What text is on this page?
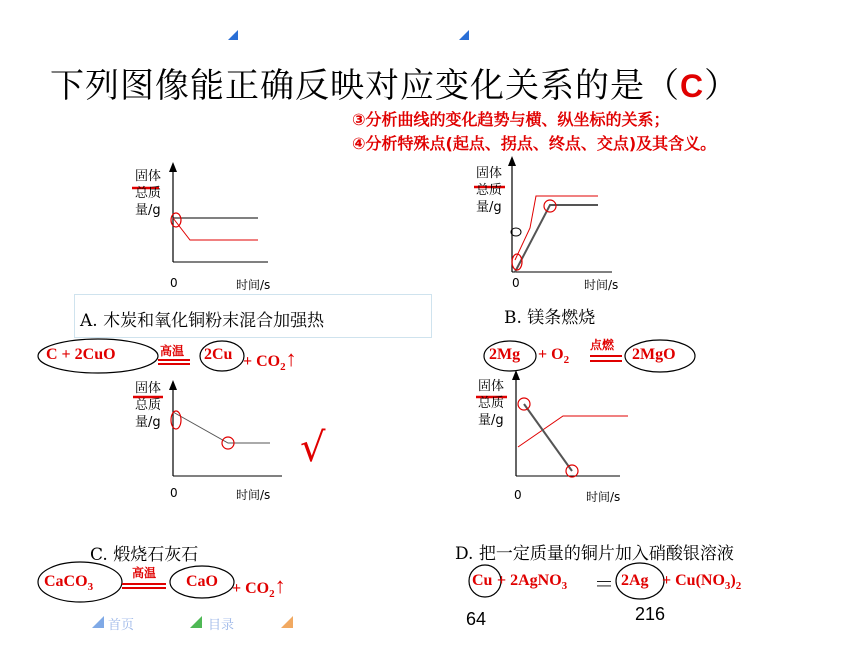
下列图像能正确反映对应变化关系的是（C）
③分析曲线的变化趋势与横、纵坐标的关系；
④分析特殊点(起点、拐点、终点、交点)及其含义。
固体
总质
量/g
0	时间/s
固体
总质
量/g
0	时间/s
固体
总质
量/g
0	时间/s
固体
总质
量/g
0	时间/s
A. 木炭和氧化铜粉末混合加强热	B. 镁条燃烧
C. 煅烧石灰石	D. 把一定质量的铜片加入硝酸银溶液
C + 2CuO	高温 $2Cu + CO_2↑$	$2Mg + O_2$
点燃
2MgO
√
CaCO$_3$
高温 CaO + $CO_2↑$	Cu + 2AgNO$_3$ ＝ $2Ag + Cu(NO_3)_2$
首页	目录	64	216
